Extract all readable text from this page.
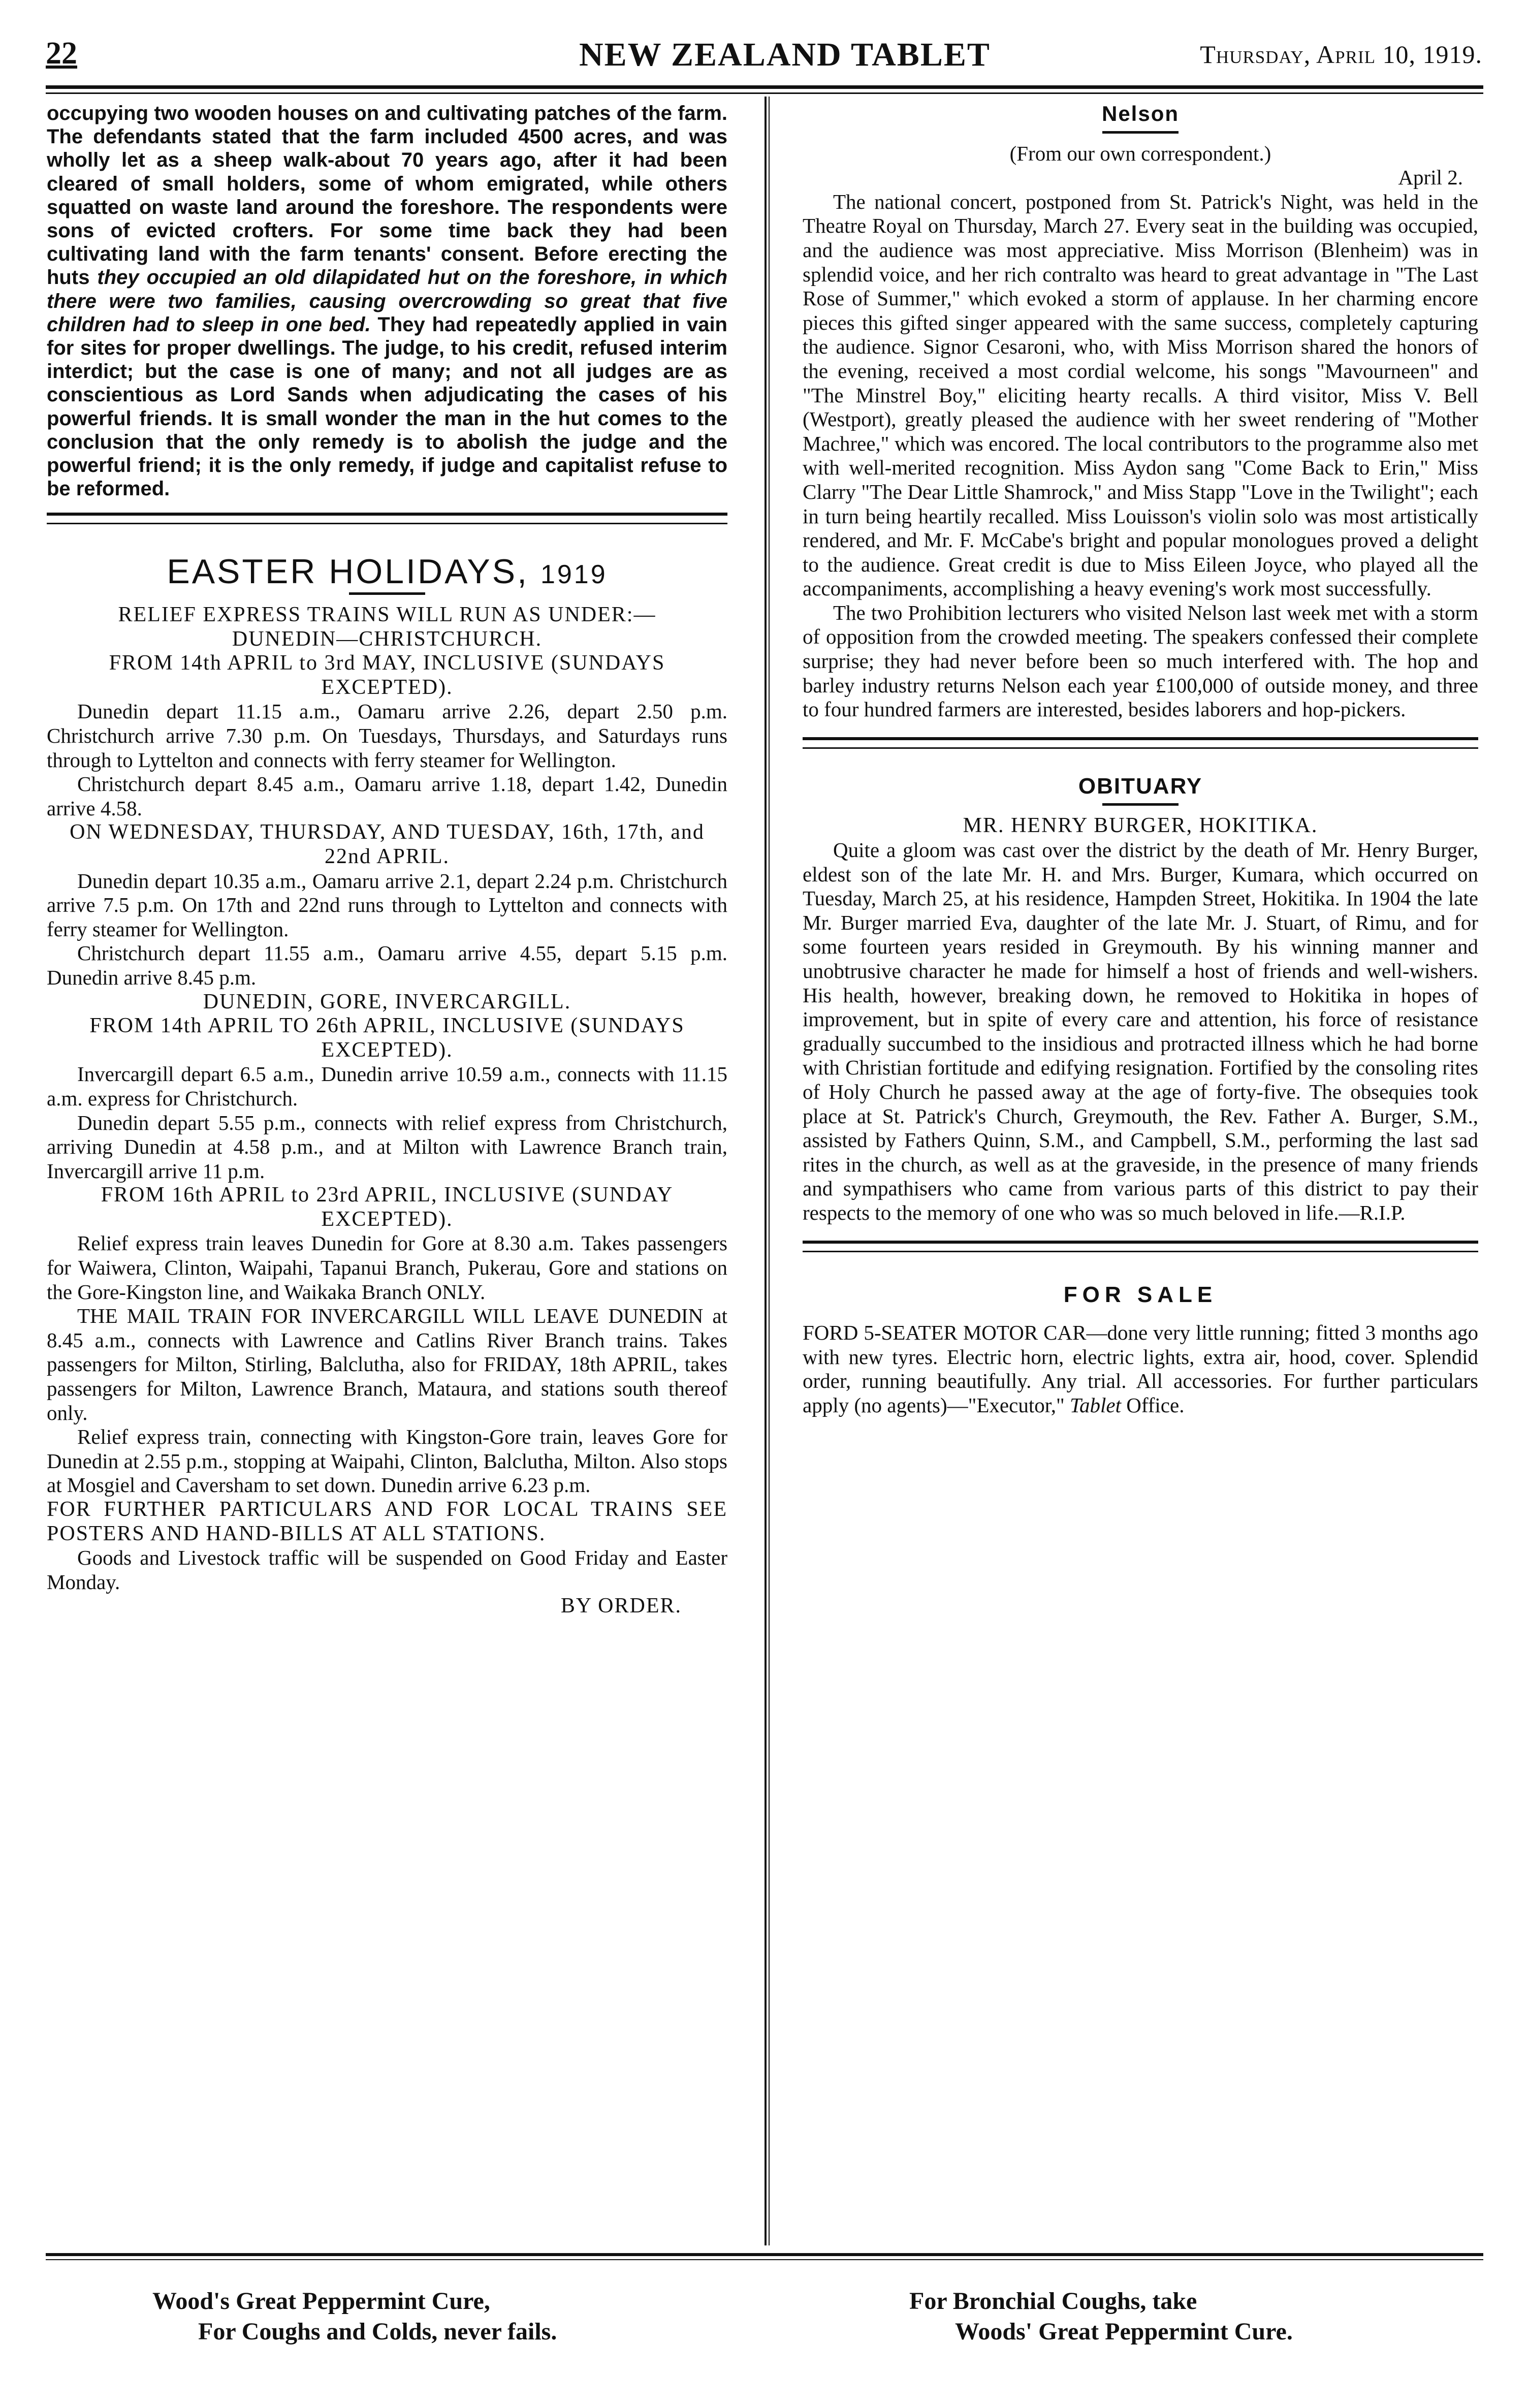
22	NEW ZEALAND TABLET	Thursday, April 10, 1919.

occupying two wooden houses on and cultivating patches of the farm. The defendants stated that the farm included 4500 acres, and was wholly let as a sheep walk-about 70 years ago, after it had been cleared of small holders, some of whom emigrated, while others squatted on waste land around the foreshore. The respondents were sons of evicted crofters. For some time back they had been cultivating land with the farm tenants' consent. Before erecting the huts they occupied an old dilapidated hut on the foreshore, in which there were two families, causing overcrowding so great that five children had to sleep in one bed. They had repeatedly applied in vain for sites for proper dwellings. The judge, to his credit, refused interim interdict; but the case is one of many; and not all judges are as conscientious as Lord Sands when adjudicating the cases of his powerful friends. It is small wonder the man in the hut comes to the conclusion that the only remedy is to abolish the judge and the powerful friend; it is the only remedy, if judge and capitalist refuse to be reformed.

EASTER HOLIDAYS, 1919

RELIEF EXPRESS TRAINS WILL RUN AS UNDER:—

DUNEDIN—CHRISTCHURCH.

FROM 14th APRIL to 3rd MAY, INCLUSIVE (SUNDAYS EXCEPTED).

Dunedin depart 11.15 a.m., Oamaru arrive 2.26, depart 2.50 p.m. Christchurch arrive 7.30 p.m. On Tuesdays, Thursdays, and Saturdays runs through to Lyttelton and connects with ferry steamer for Wellington.

Christchurch depart 8.45 a.m., Oamaru arrive 1.18, depart 1.42, Dunedin arrive 4.58.

ON WEDNESDAY, THURSDAY, AND TUESDAY, 16th, 17th, and 22nd APRIL.

Dunedin depart 10.35 a.m., Oamaru arrive 2.1, depart 2.24 p.m. Christchurch arrive 7.5 p.m. On 17th and 22nd runs through to Lyttelton and connects with ferry steamer for Wellington.

Christchurch depart 11.55 a.m., Oamaru arrive 4.55, depart 5.15 p.m. Dunedin arrive 8.45 p.m.

DUNEDIN, GORE, INVERCARGILL.

FROM 14th APRIL TO 26th APRIL, INCLUSIVE (SUNDAYS EXCEPTED).

Invercargill depart 6.5 a.m., Dunedin arrive 10.59 a.m., connects with 11.15 a.m. express for Christchurch.

Dunedin depart 5.55 p.m., connects with relief express from Christchurch, arriving Dunedin at 4.58 p.m., and at Milton with Lawrence Branch train, Invercargill arrive 11 p.m.

FROM 16th APRIL to 23rd APRIL, INCLUSIVE (SUNDAY EXCEPTED).

Relief express train leaves Dunedin for Gore at 8.30 a.m. Takes passengers for Waiwera, Clinton, Waipahi, Tapanui Branch, Pukerau, Gore and stations on the Gore-Kingston line, and Waikaka Branch ONLY.

THE MAIL TRAIN FOR INVERCARGILL WILL LEAVE DUNEDIN at 8.45 a.m., connects with Lawrence and Catlins River Branch trains. Takes passengers for Milton, Stirling, Balclutha, also for FRIDAY, 18th APRIL, takes passengers for Milton, Lawrence Branch, Mataura, and stations south thereof only.

Relief express train, connecting with Kingston-Gore train, leaves Gore for Dunedin at 2.55 p.m., stopping at Waipahi, Clinton, Balclutha, Milton. Also stops at Mosgiel and Caversham to set down. Dunedin arrive 6.23 p.m.

FOR FURTHER PARTICULARS AND FOR LOCAL TRAINS SEE POSTERS AND HAND-BILLS AT ALL STATIONS.

Goods and Livestock traffic will be suspended on Good Friday and Easter Monday.

BY ORDER.

Nelson

(From our own correspondent.)

April 2.

The national concert, postponed from St. Patrick's Night, was held in the Theatre Royal on Thursday, March 27. Every seat in the building was occupied, and the audience was most appreciative. Miss Morrison (Blenheim) was in splendid voice, and her rich contralto was heard to great advantage in "The Last Rose of Summer," which evoked a storm of applause. In her charming encore pieces this gifted singer appeared with the same success, completely capturing the audience. Signor Cesaroni, who, with Miss Morrison shared the honors of the evening, received a most cordial welcome, his songs "Mavourneen" and "The Minstrel Boy," eliciting hearty recalls. A third visitor, Miss V. Bell (Westport), greatly pleased the audience with her sweet rendering of "Mother Machree," which was encored. The local contributors to the programme also met with well-merited recognition. Miss Aydon sang "Come Back to Erin," Miss Clarry "The Dear Little Shamrock," and Miss Stapp "Love in the Twilight"; each in turn being heartily recalled. Miss Louisson's violin solo was most artistically rendered, and Mr. F. McCabe's bright and popular monologues proved a delight to the audience. Great credit is due to Miss Eileen Joyce, who played all the accompaniments, accomplishing a heavy evening's work most successfully.

The two Prohibition lecturers who visited Nelson last week met with a storm of opposition from the crowded meeting. The speakers confessed their complete surprise; they had never before been so much interfered with. The hop and barley industry returns Nelson each year £100,000 of outside money, and three to four hundred farmers are interested, besides laborers and hop-pickers.

OBITUARY

MR. HENRY BURGER, HOKITIKA.

Quite a gloom was cast over the district by the death of Mr. Henry Burger, eldest son of the late Mr. H. and Mrs. Burger, Kumara, which occurred on Tuesday, March 25, at his residence, Hampden Street, Hokitika. In 1904 the late Mr. Burger married Eva, daughter of the late Mr. J. Stuart, of Rimu, and for some fourteen years resided in Greymouth. By his winning manner and unobtrusive character he made for himself a host of friends and well-wishers. His health, however, breaking down, he removed to Hokitika in hopes of improvement, but in spite of every care and attention, his force of resistance gradually succumbed to the insidious and protracted illness which he had borne with Christian fortitude and edifying resignation. Fortified by the consoling rites of Holy Church he passed away at the age of forty-five. The obsequies took place at St. Patrick's Church, Greymouth, the Rev. Father A. Burger, S.M., assisted by Fathers Quinn, S.M., and Campbell, S.M., performing the last sad rites in the church, as well as at the graveside, in the presence of many friends and sympathisers who came from various parts of this district to pay their respects to the memory of one who was so much beloved in life.—R.I.P.

FOR SALE

FORD 5-SEATER MOTOR CAR—done very little running; fitted 3 months ago with new tyres. Electric horn, electric lights, extra air, hood, cover. Splendid order, running beautifully. Any trial. All accessories. For further particulars apply (no agents)—"Executor," Tablet Office.

Wood's Great Peppermint Cure,
For Coughs and Colds, never fails.
For Bronchial Coughs, take
Woods' Great Peppermint Cure.
